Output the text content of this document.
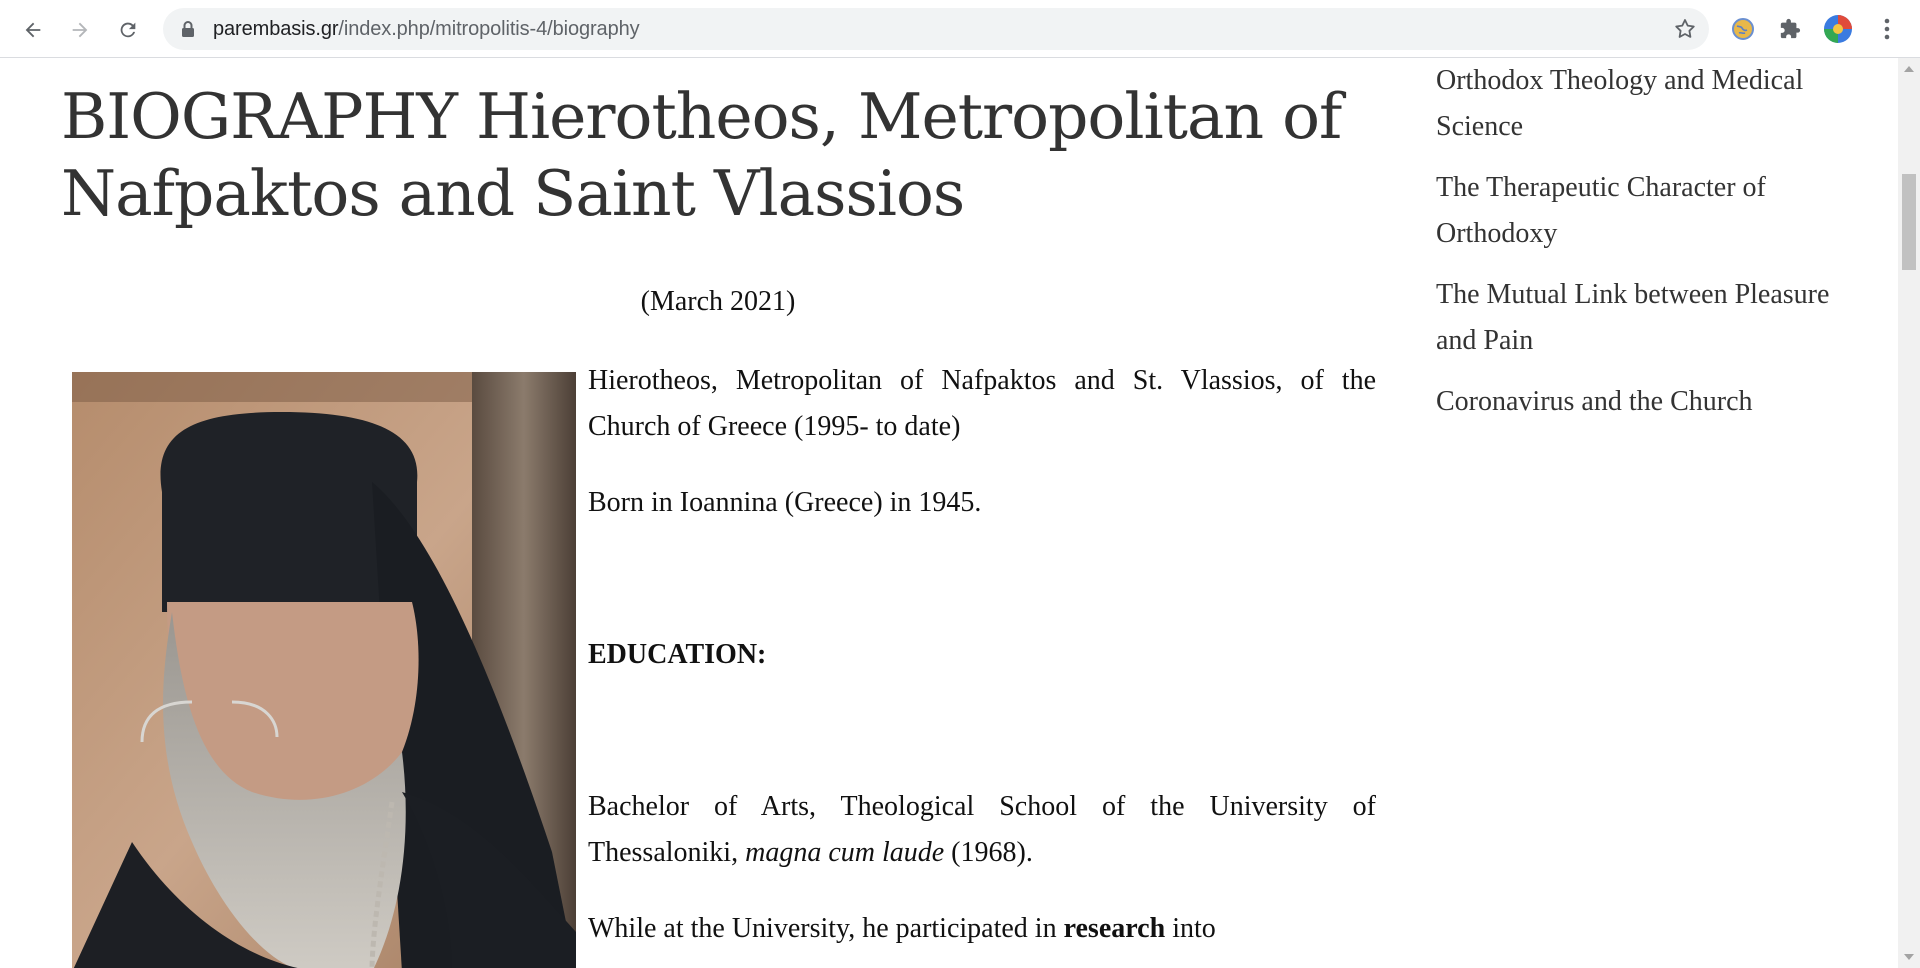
parembasis.gr/index.php/mitropolitis-4/biography
BIOGRAPHY Hierotheos, Metropolitan of Nafpaktos and Saint Vlassios
(March 2021)

Hierotheos, Metropolitan of Nafpaktos and St. Vlassios, of the Church of Greece (1995- to date)

Born in Ioannina (Greece) in 1945.

EDUCATION:

Bachelor of Arts, Theological School of the University of Thessaloniki, magna cum laude (1968).

While at the University, he participated in research into

Orthodox Theology and Medical Science
The Therapeutic Character of Orthodoxy
The Mutual Link between Pleasure and Pain
Coronavirus and the Church
